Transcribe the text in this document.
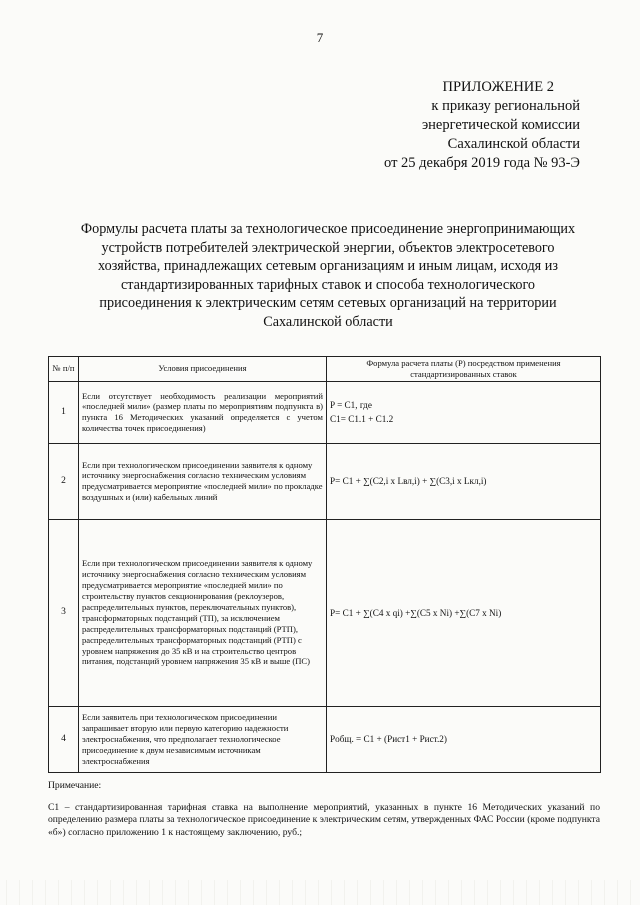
7
ПРИЛОЖЕНИЕ 2
к приказу региональной
энергетической комиссии
Сахалинской области
от 25 декабря 2019 года № 93-Э
Формулы расчета платы за технологическое присоединение энергопринимающих
устройств потребителей электрической энергии, объектов электросетевого
хозяйства, принадлежащих сетевым организациям и иным лицам, исходя из
стандартизированных тарифных ставок и способа технологического
присоединения к электрическим сетям сетевых организаций на территории
Сахалинской области
№ п/п	Условия присоединения	Формула расчета платы (P) посредством применения стандартизированных ставок
1	Если отсутствует необходимость реализации мероприятий «последней мили» (размер платы по мероприятиям подпункта в) пункта 16 Методических указаний определяется с учетом количества точек присоединения)	P = C1, где
C1= C1.1 + C1.2

2	Если при технологическом присоединении заявителя к одному источнику энергоснабжения согласно техническим условиям предусматривается мероприятие «последней мили» по прокладке воздушных и (или) кабельных линий	P= C1 + ∑(C2,i x Lвл,i) + ∑(C3,i x Lкл,i)

3	Если при технологическом присоединении заявителя к одному источнику энергоснабжения согласно техническим условиям предусматривается мероприятие «последней мили» по строительству пунктов секционирования (реклоузеров, распределительных пунктов, переключательных пунктов), трансформаторных подстанций (ТП), за исключением распределительных трансформаторных подстанций (РТП), распределительных трансформаторных подстанций (РТП) с уровнем напряжения до 35 кВ и на строительство центров питания, подстанций уровнем напряжения 35 кВ и выше (ПС)	P= C1 + ∑(C4 x qi) +∑(C5 x Ni) +∑(C7 x Ni)

4	Если заявитель при технологическом присоединении запрашивает вторую или первую категорию надежности электроснабжения, что предполагает технологическое присоединение к двум независимым источникам электроснабжения	Pобщ. = C1 + (Pист1 + Pист.2)

Примечание:

C1 – стандартизированная тарифная ставка на выполнение мероприятий, указанных в пункте 16 Методических указаний по определению размера платы за технологическое присоединение к электрическим сетям, утвержденных ФАС России (кроме подпункта «б») согласно приложению 1 к настоящему заключению, руб.;
